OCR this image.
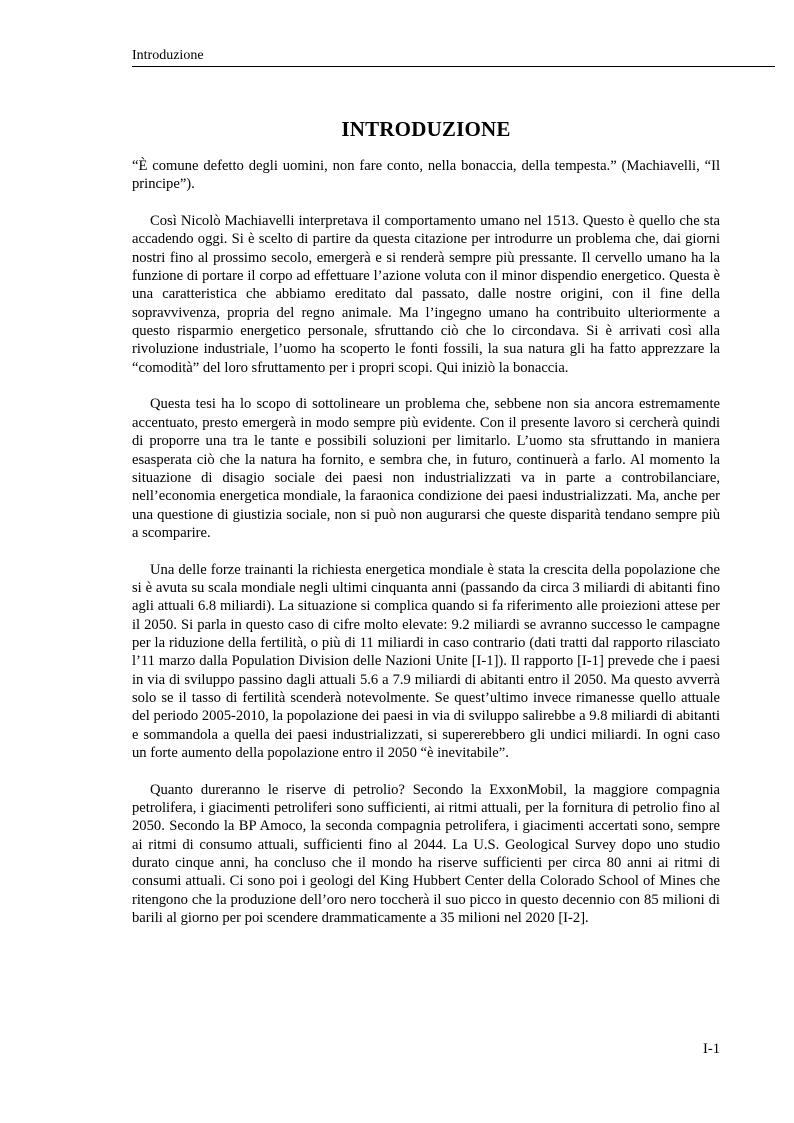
Introduzione
INTRODUZIONE

“È comune defetto degli uomini, non fare conto, nella bonaccia, della tempesta.” (Machiavelli, “Il principe”).

Così Nicolò Machiavelli interpretava il comportamento umano nel 1513. Questo è quello che sta accadendo oggi. Si è scelto di partire da questa citazione per introdurre un problema che, dai giorni nostri fino al prossimo secolo, emergerà e si renderà sempre più pressante. Il cervello umano ha la funzione di portare il corpo ad effettuare l’azione voluta con il minor dispendio energetico. Questa è una caratteristica che abbiamo ereditato dal passato, dalle nostre origini, con il fine della sopravvivenza, propria del regno animale. Ma l’ingegno umano ha contribuito ulteriormente a questo risparmio energetico personale, sfruttando ciò che lo circondava. Si è arrivati così alla rivoluzione industriale, l’uomo ha scoperto le fonti fossili, la sua natura gli ha fatto apprezzare la “comodità” del loro sfruttamento per i propri scopi. Qui iniziò la bonaccia.

Questa tesi ha lo scopo di sottolineare un problema che, sebbene non sia ancora estremamente accentuato, presto emergerà in modo sempre più evidente. Con il presente lavoro si cercherà quindi di proporre una tra le tante e possibili soluzioni per limitarlo. L’uomo sta sfruttando in maniera esasperata ciò che la natura ha fornito, e sembra che, in futuro, continuerà a farlo. Al momento la situazione di disagio sociale dei paesi non industrializzati va in parte a controbilanciare, nell’economia energetica mondiale, la faraonica condizione dei paesi industrializzati. Ma, anche per una questione di giustizia sociale, non si può non augurarsi che queste disparità tendano sempre più a scomparire.

Una delle forze trainanti la richiesta energetica mondiale è stata la crescita della popolazione che si è avuta su scala mondiale negli ultimi cinquanta anni (passando da circa 3 miliardi di abitanti fino agli attuali 6.8 miliardi). La situazione si complica quando si fa riferimento alle proiezioni attese per il 2050. Si parla in questo caso di cifre molto elevate: 9.2 miliardi se avranno successo le campagne per la riduzione della fertilità, o più di 11 miliardi in caso contrario (dati tratti dal rapporto rilasciato l’11 marzo dalla Population Division delle Nazioni Unite [I-1]). Il rapporto [I-1] prevede che i paesi in via di sviluppo passino dagli attuali 5.6 a 7.9 miliardi di abitanti entro il 2050. Ma questo avverrà solo se il tasso di fertilità scenderà notevolmente. Se quest’ultimo invece rimanesse quello attuale del periodo 2005-2010, la popolazione dei paesi in via di sviluppo salirebbe a 9.8 miliardi di abitanti e sommandola a quella dei paesi industrializzati, si supererebbero gli undici miliardi. In ogni caso un forte aumento della popolazione entro il 2050 “è inevitabile”.

Quanto dureranno le riserve di petrolio? Secondo la ExxonMobil, la maggiore compagnia petrolifera, i giacimenti petroliferi sono sufficienti, ai ritmi attuali, per la fornitura di petrolio fino al 2050. Secondo la BP Amoco, la seconda compagnia petrolifera, i giacimenti accertati sono, sempre ai ritmi di consumo attuali, sufficienti fino al 2044. La U.S. Geological Survey dopo uno studio durato cinque anni, ha concluso che il mondo ha riserve sufficienti per circa 80 anni ai ritmi di consumi attuali. Ci sono poi i geologi del King Hubbert Center della Colorado School of Mines che ritengono che la produzione dell’oro nero toccherà il suo picco in questo decennio con 85 milioni di barili al giorno per poi scendere drammaticamente a 35 milioni nel 2020 [I-2].

I-1
